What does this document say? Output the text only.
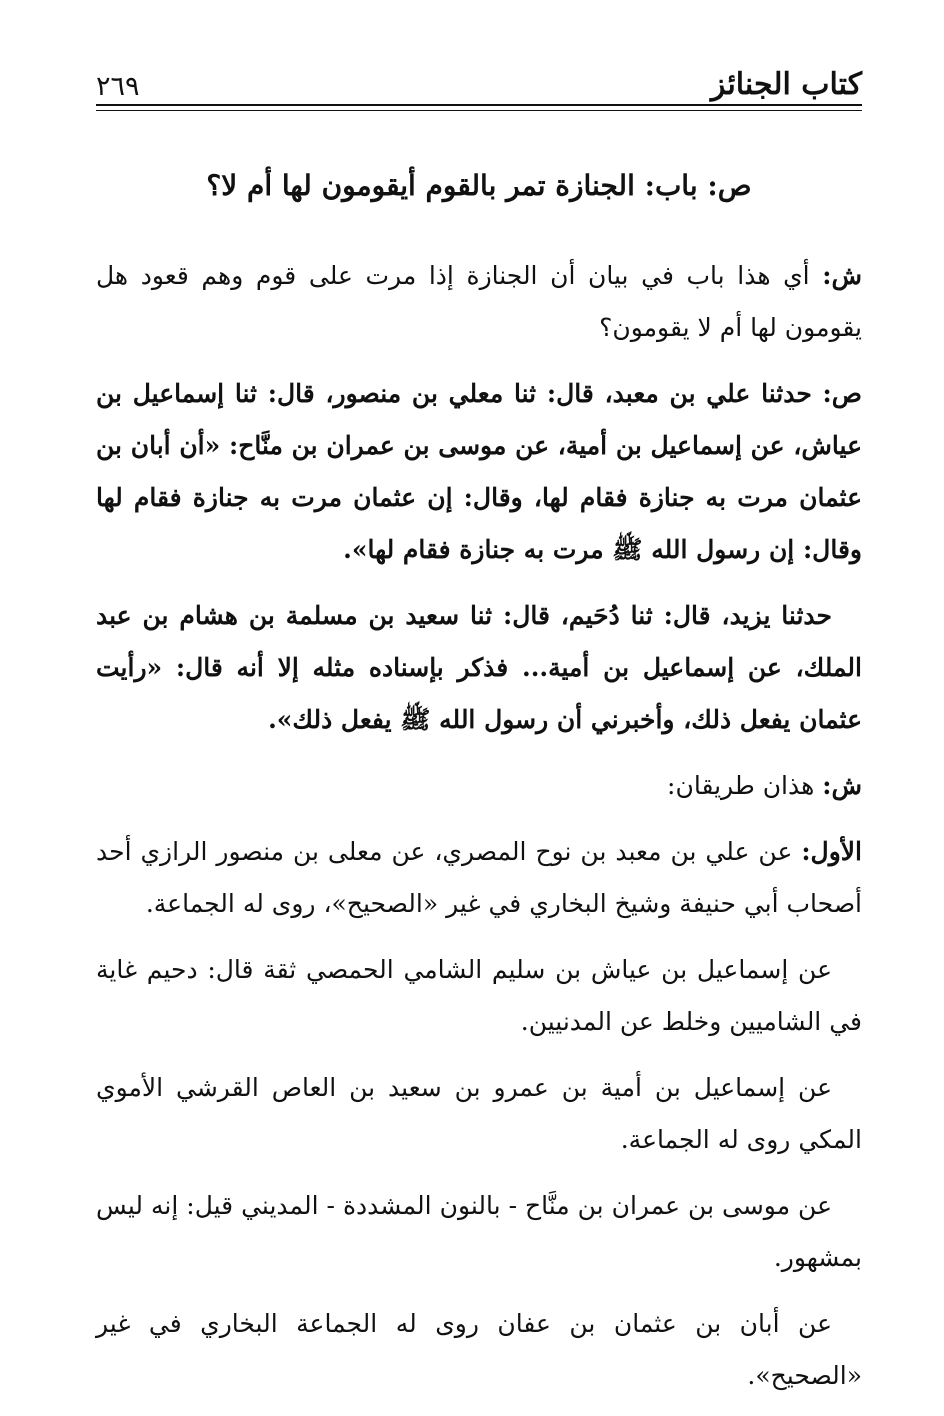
كتاب الجنائز
٢٦٩
ص: باب: الجنازة تمر بالقوم أيقومون لها أم لا؟

ش: أي هذا باب في بيان أن الجنازة إذا مرت على قوم وهم قعود هل يقومون لها أم لا يقومون؟

ص: حدثنا علي بن معبد، قال: ثنا معلي بن منصور، قال: ثنا إسماعيل بن عياش، عن إسماعيل بن أمية، عن موسى بن عمران بن منَّاح: «أن أبان بن عثمان مرت به جنازة فقام لها، وقال: إن عثمان مرت به جنازة فقام لها وقال: إن رسول الله ﷺ مرت به جنازة فقام لها».

حدثنا يزيد، قال: ثنا دُحَيم، قال: ثنا سعيد بن مسلمة بن هشام بن عبد الملك، عن إسماعيل بن أمية... فذكر بإسناده مثله إلا أنه قال: «رأيت عثمان يفعل ذلك، وأخبرني أن رسول الله ﷺ يفعل ذلك».

ش: هذان طريقان:

الأول: عن علي بن معبد بن نوح المصري، عن معلى بن منصور الرازي أحد أصحاب أبي حنيفة وشيخ البخاري في غير «الصحيح»، روى له الجماعة.

عن إسماعيل بن عياش بن سليم الشامي الحمصي ثقة قال: دحيم غاية في الشاميين وخلط عن المدنيين.

عن إسماعيل بن أمية بن عمرو بن سعيد بن العاص القرشي الأموي المكي روى له الجماعة.

عن موسى بن عمران بن منَّاح - بالنون المشددة - المديني قيل: إنه ليس بمشهور.

عن أبان بن عثمان بن عفان روى له الجماعة البخاري في غير «الصحيح».
